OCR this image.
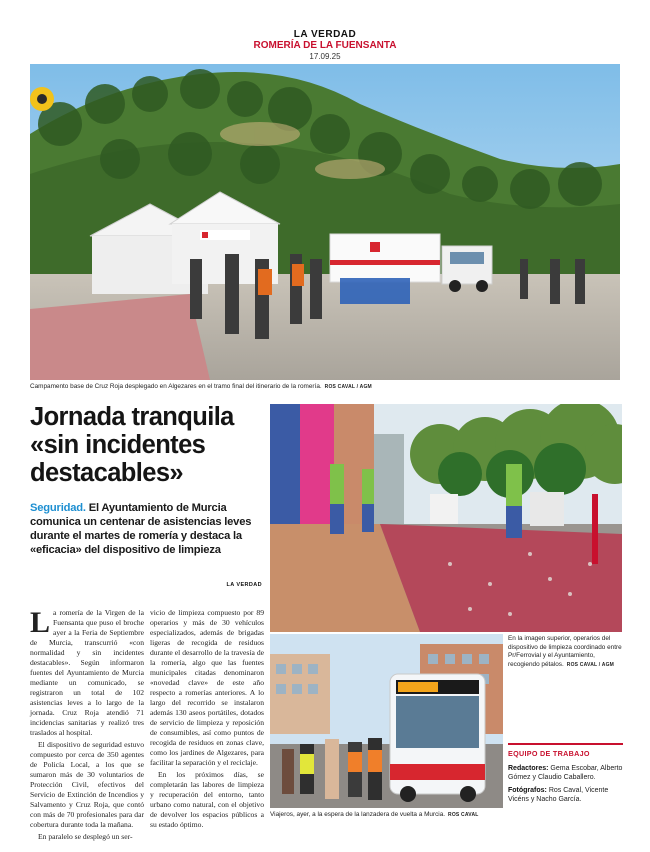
LA VERDAD
ROMERÍA DE LA FUENSANTA
17.09.25
Campamento base de Cruz Roja desplegado en Algezares en el tramo final del itinerario de la romería. ROS CAVAL / AGM
Jornada tranquila «sin incidentes destacables»
Seguridad. El Ayuntamiento de Murcia comunica un centenar de asistencias leves durante el martes de romería y destaca la «eficacia» del dispositivo de limpieza
LA VERDAD

La romería de la Virgen de la Fuensanta que puso el broche ayer a la Feria de Septiembre de Murcia, transcurrió «con normalidad y sin incidentes destacables». Según informaron fuentes del Ayuntamiento de Murcia mediante un comunicado, se registraron un total de 102 asistencias leves a lo largo de la jornada. Cruz Roja atendió 71 incidencias sanitarias y realizó tres traslados al hospital.

El dispositivo de seguridad estuvo compuesto por cerca de 350 agentes de Policía Local, a los que se sumaron más de 30 voluntarios de Protección Civil, efectivos del Servicio de Extinción de Incendios y Salvamento y Cruz Roja, que contó con más de 70 profesionales para dar cobertura durante toda la mañana.

En paralelo se desplegó un ser-

vicio de limpieza compuesto por 89 operarios y más de 30 vehículos especializados, además de brigadas ligeras de recogida de residuos durante el desarrollo de la travesía de la romería, algo que las fuentes municipales citadas denominaron «novedad clave» de este año respecto a romerías anteriores. A lo largo del recorrido se instalaron además 130 aseos portátiles, dotados de servicio de limpieza y reposición de consumibles, así como puntos de recogida de residuos en zonas clave, como los jardines de Algezares, para facilitar la separación y el reciclaje.

En los próximos días, se completarán las labores de limpieza y recuperación del entorno, tanto urbano como natural, con el objetivo de devolver los espacios públicos a su estado óptimo.

Viajeros, ayer, a la espera de la lanzadera de vuelta a Murcia. ROS CAVAL
En la imagen superior, operarios del dispositivo de limpieza coordinado entre Pr/Ferrovial y el Ayuntamiento, recogiendo pétalos. ROS CAVAL / AGM
EQUIPO DE TRABAJO
Redactores: Gema Escobar, Alberto Gómez y Claudio Caballero.
Fotógrafos: Ros Caval, Vicente Vicéns y Nacho García.
